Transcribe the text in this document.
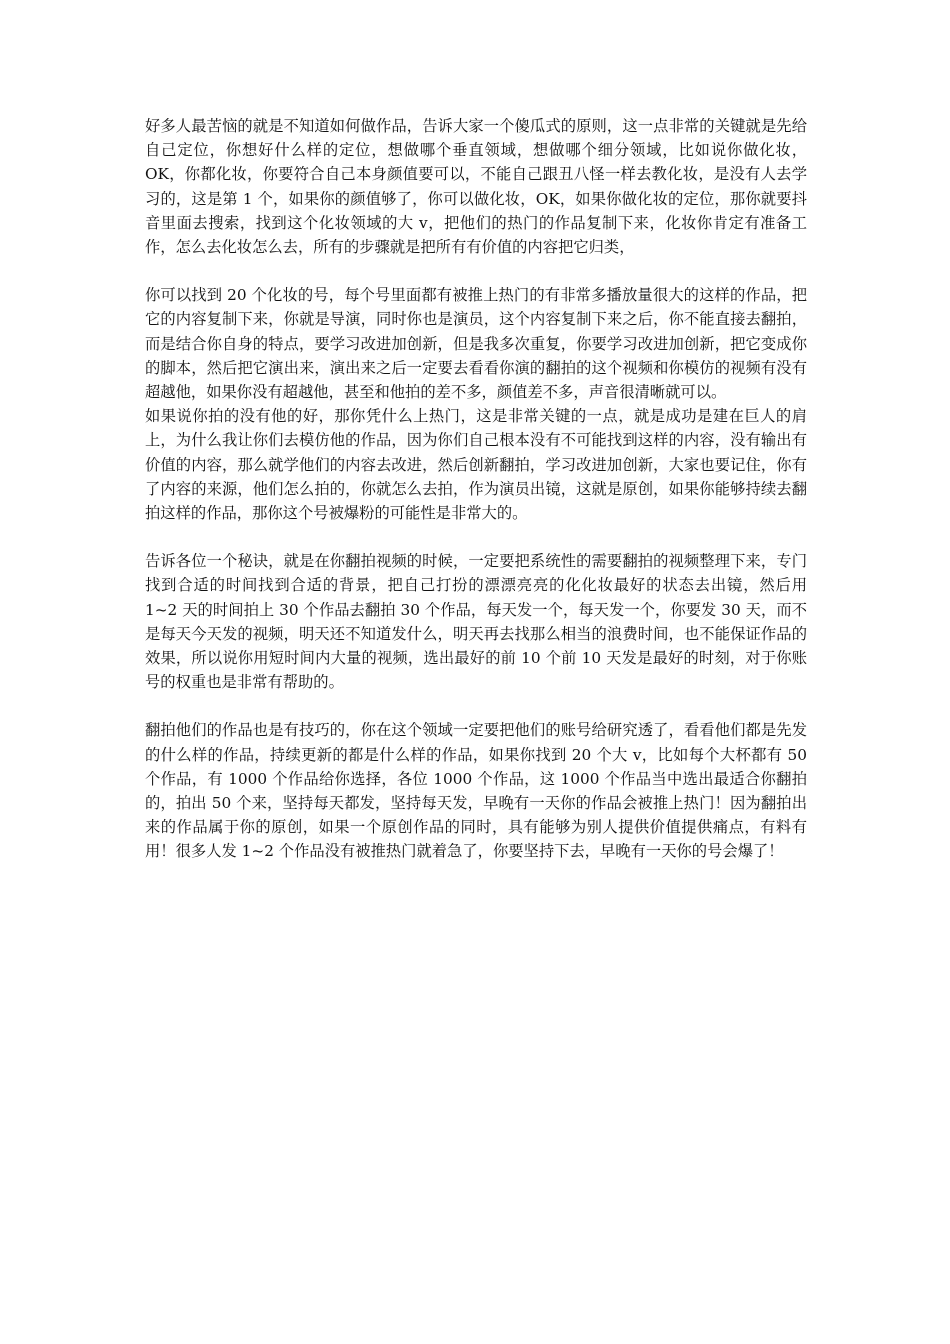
好多人最苦恼的就是不知道如何做作品，告诉大家一个傻瓜式的原则，这一点非常的关键就是先给自己定位，你想好什么样的定位，想做哪个垂直领域，想做哪个细分领域，比如说你做化妆，OK，你都化妆，你要符合自己本身颜值要可以，不能自己跟丑八怪一样去教化妆，是没有人去学习的，这是第 1 个，如果你的颜值够了，你可以做化妆，OK，如果你做化妆的定位，那你就要抖音里面去搜索，找到这个化妆领域的大 v，把他们的热门的作品复制下来，化妆你肯定有准备工作，怎么去化妆怎么去，所有的步骤就是把所有有价值的内容把它归类，

你可以找到 20 个化妆的号，每个号里面都有被推上热门的有非常多播放量很大的这样的作品，把它的内容复制下来，你就是导演，同时你也是演员，这个内容复制下来之后，你不能直接去翻拍，而是结合你自身的特点，要学习改进加创新，但是我多次重复，你要学习改进加创新，把它变成你的脚本，然后把它演出来，演出来之后一定要去看看你演的翻拍的这个视频和你模仿的视频有没有超越他，如果你没有超越他，甚至和他拍的差不多，颜值差不多，声音很清晰就可以。

如果说你拍的没有他的好，那你凭什么上热门，这是非常关键的一点，就是成功是建在巨人的肩上，为什么我让你们去模仿他的作品，因为你们自己根本没有不可能找到这样的内容，没有输出有价值的内容，那么就学他们的内容去改进，然后创新翻拍，学习改进加创新，大家也要记住，你有了内容的来源，他们怎么拍的，你就怎么去拍，作为演员出镜，这就是原创，如果你能够持续去翻拍这样的作品，那你这个号被爆粉的可能性是非常大的。

告诉各位一个秘诀，就是在你翻拍视频的时候，一定要把系统性的需要翻拍的视频整理下来，专门找到合适的时间找到合适的背景，把自己打扮的漂漂亮亮的化化妆最好的状态去出镜，然后用 1~2 天的时间拍上 30 个作品去翻拍 30 个作品，每天发一个，每天发一个，你要发 30 天，而不是每天今天发的视频，明天还不知道发什么，明天再去找那么相当的浪费时间，也不能保证作品的效果，所以说你用短时间内大量的视频，选出最好的前 10 个前 10 天发是最好的时刻，对于你账号的权重也是非常有帮助的。

翻拍他们的作品也是有技巧的，你在这个领域一定要把他们的账号给研究透了，看看他们都是先发的什么样的作品，持续更新的都是什么样的作品，如果你找到 20 个大 v，比如每个大杯都有 50 个作品，有 1000 个作品给你选择，各位 1000 个作品，这 1000 个作品当中选出最适合你翻拍的，拍出 50 个来，坚持每天都发，坚持每天发，早晚有一天你的作品会被推上热门！因为翻拍出来的作品属于你的原创，如果一个原创作品的同时，具有能够为别人提供价值提供痛点，有料有用！很多人发 1~2 个作品没有被推热门就着急了，你要坚持下去，早晚有一天你的号会爆了！
